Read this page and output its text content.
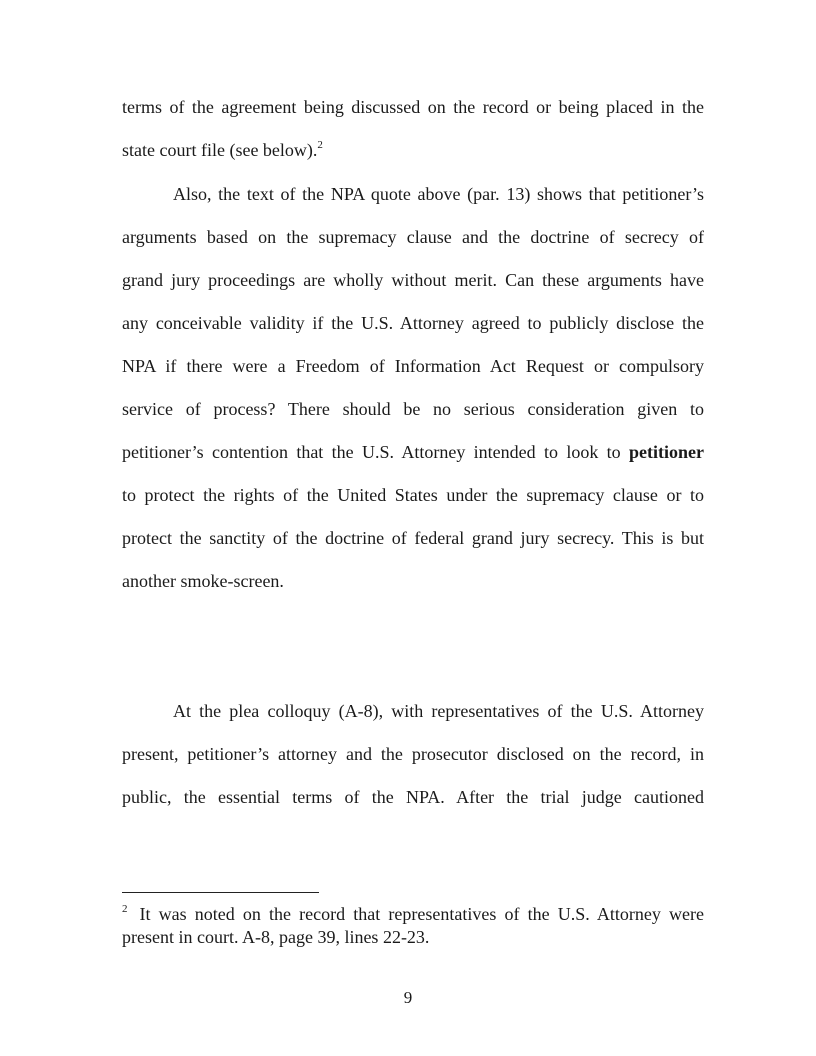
terms of the agreement being discussed on the record or being placed in the
state court file (see below).$^2$
Also, the text of the NPA quote above (par. 13) shows that petitioner’s
arguments based on the supremacy clause and the doctrine of secrecy of
grand jury proceedings are wholly without merit. Can these arguments have
any conceivable validity if the U.S. Attorney agreed to publicly disclose the
NPA if there were a Freedom of Information Act Request or compulsory
service of process? There should be no serious consideration given to
petitioner’s contention that the U.S. Attorney intended to look to petitioner
to protect the rights of the United States under the supremacy clause or to
protect the sanctity of the doctrine of federal grand jury secrecy. This is but
another smoke-screen.
At the plea colloquy (A-8), with representatives of the U.S. Attorney
present, petitioner’s attorney and the prosecutor disclosed on the record, in
public, the essential terms of the NPA. After the trial judge cautioned
$^2$ It was noted on the record that representatives of the U.S. Attorney were
present in court. A-8, page 39, lines 22-23.
9
